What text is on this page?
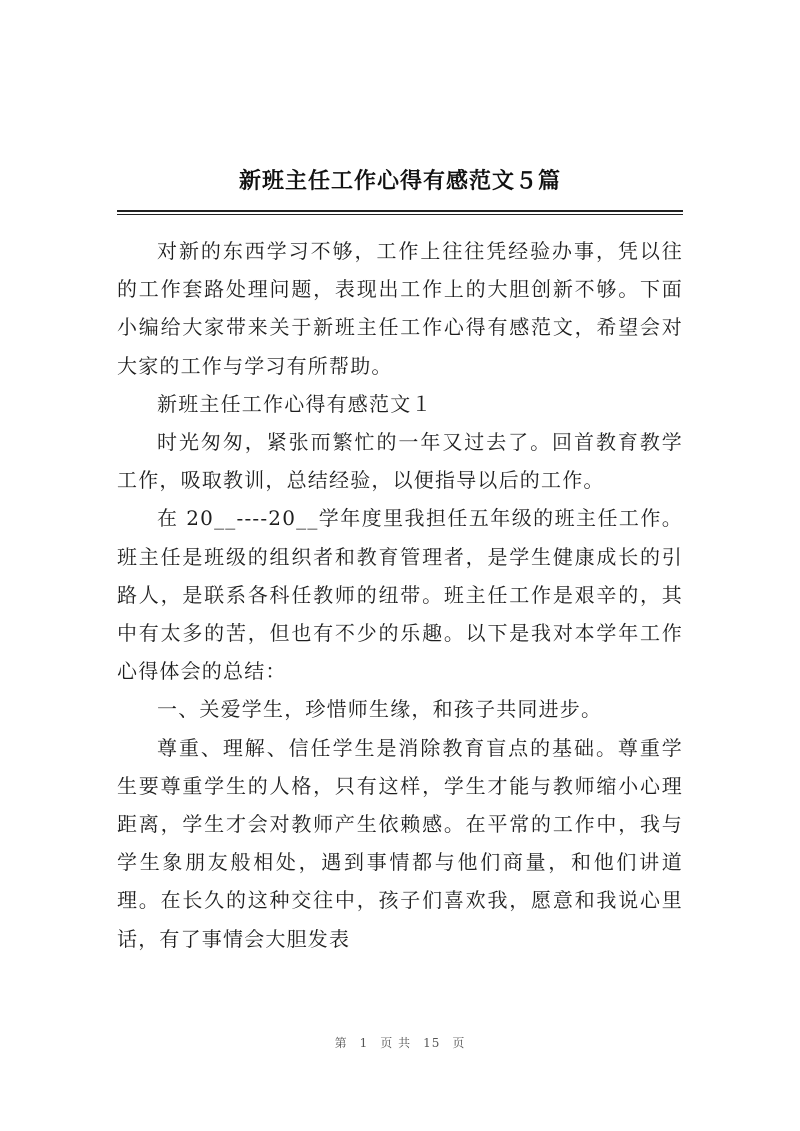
新班主任工作心得有感范文５篇

对新的东西学习不够，工作上往往凭经验办事，凭以往的工作套路处理问题，表现出工作上的大胆创新不够。下面小编给大家带来关于新班主任工作心得有感范文，希望会对大家的工作与学习有所帮助。

新班主任工作心得有感范文１

时光匆匆，紧张而繁忙的一年又过去了。回首教育教学工作，吸取教训，总结经验，以便指导以后的工作。

在 20__----20__学年度里我担任五年级的班主任工作。班主任是班级的组织者和教育管理者，是学生健康成长的引路人，是联系各科任教师的纽带。班主任工作是艰辛的，其中有太多的苦，但也有不少的乐趣。以下是我对本学年工作心得体会的总结：

一、关爱学生，珍惜师生缘，和孩子共同进步。

尊重、理解、信任学生是消除教育盲点的基础。尊重学生要尊重学生的人格，只有这样，学生才能与教师缩小心理距离，学生才会对教师产生依赖感。在平常的工作中，我与学生象朋友般相处，遇到事情都与他们商量，和他们讲道理。在长久的这种交往中，孩子们喜欢我，愿意和我说心里话，有了事情会大胆发表

第 1 页 共 15 页
